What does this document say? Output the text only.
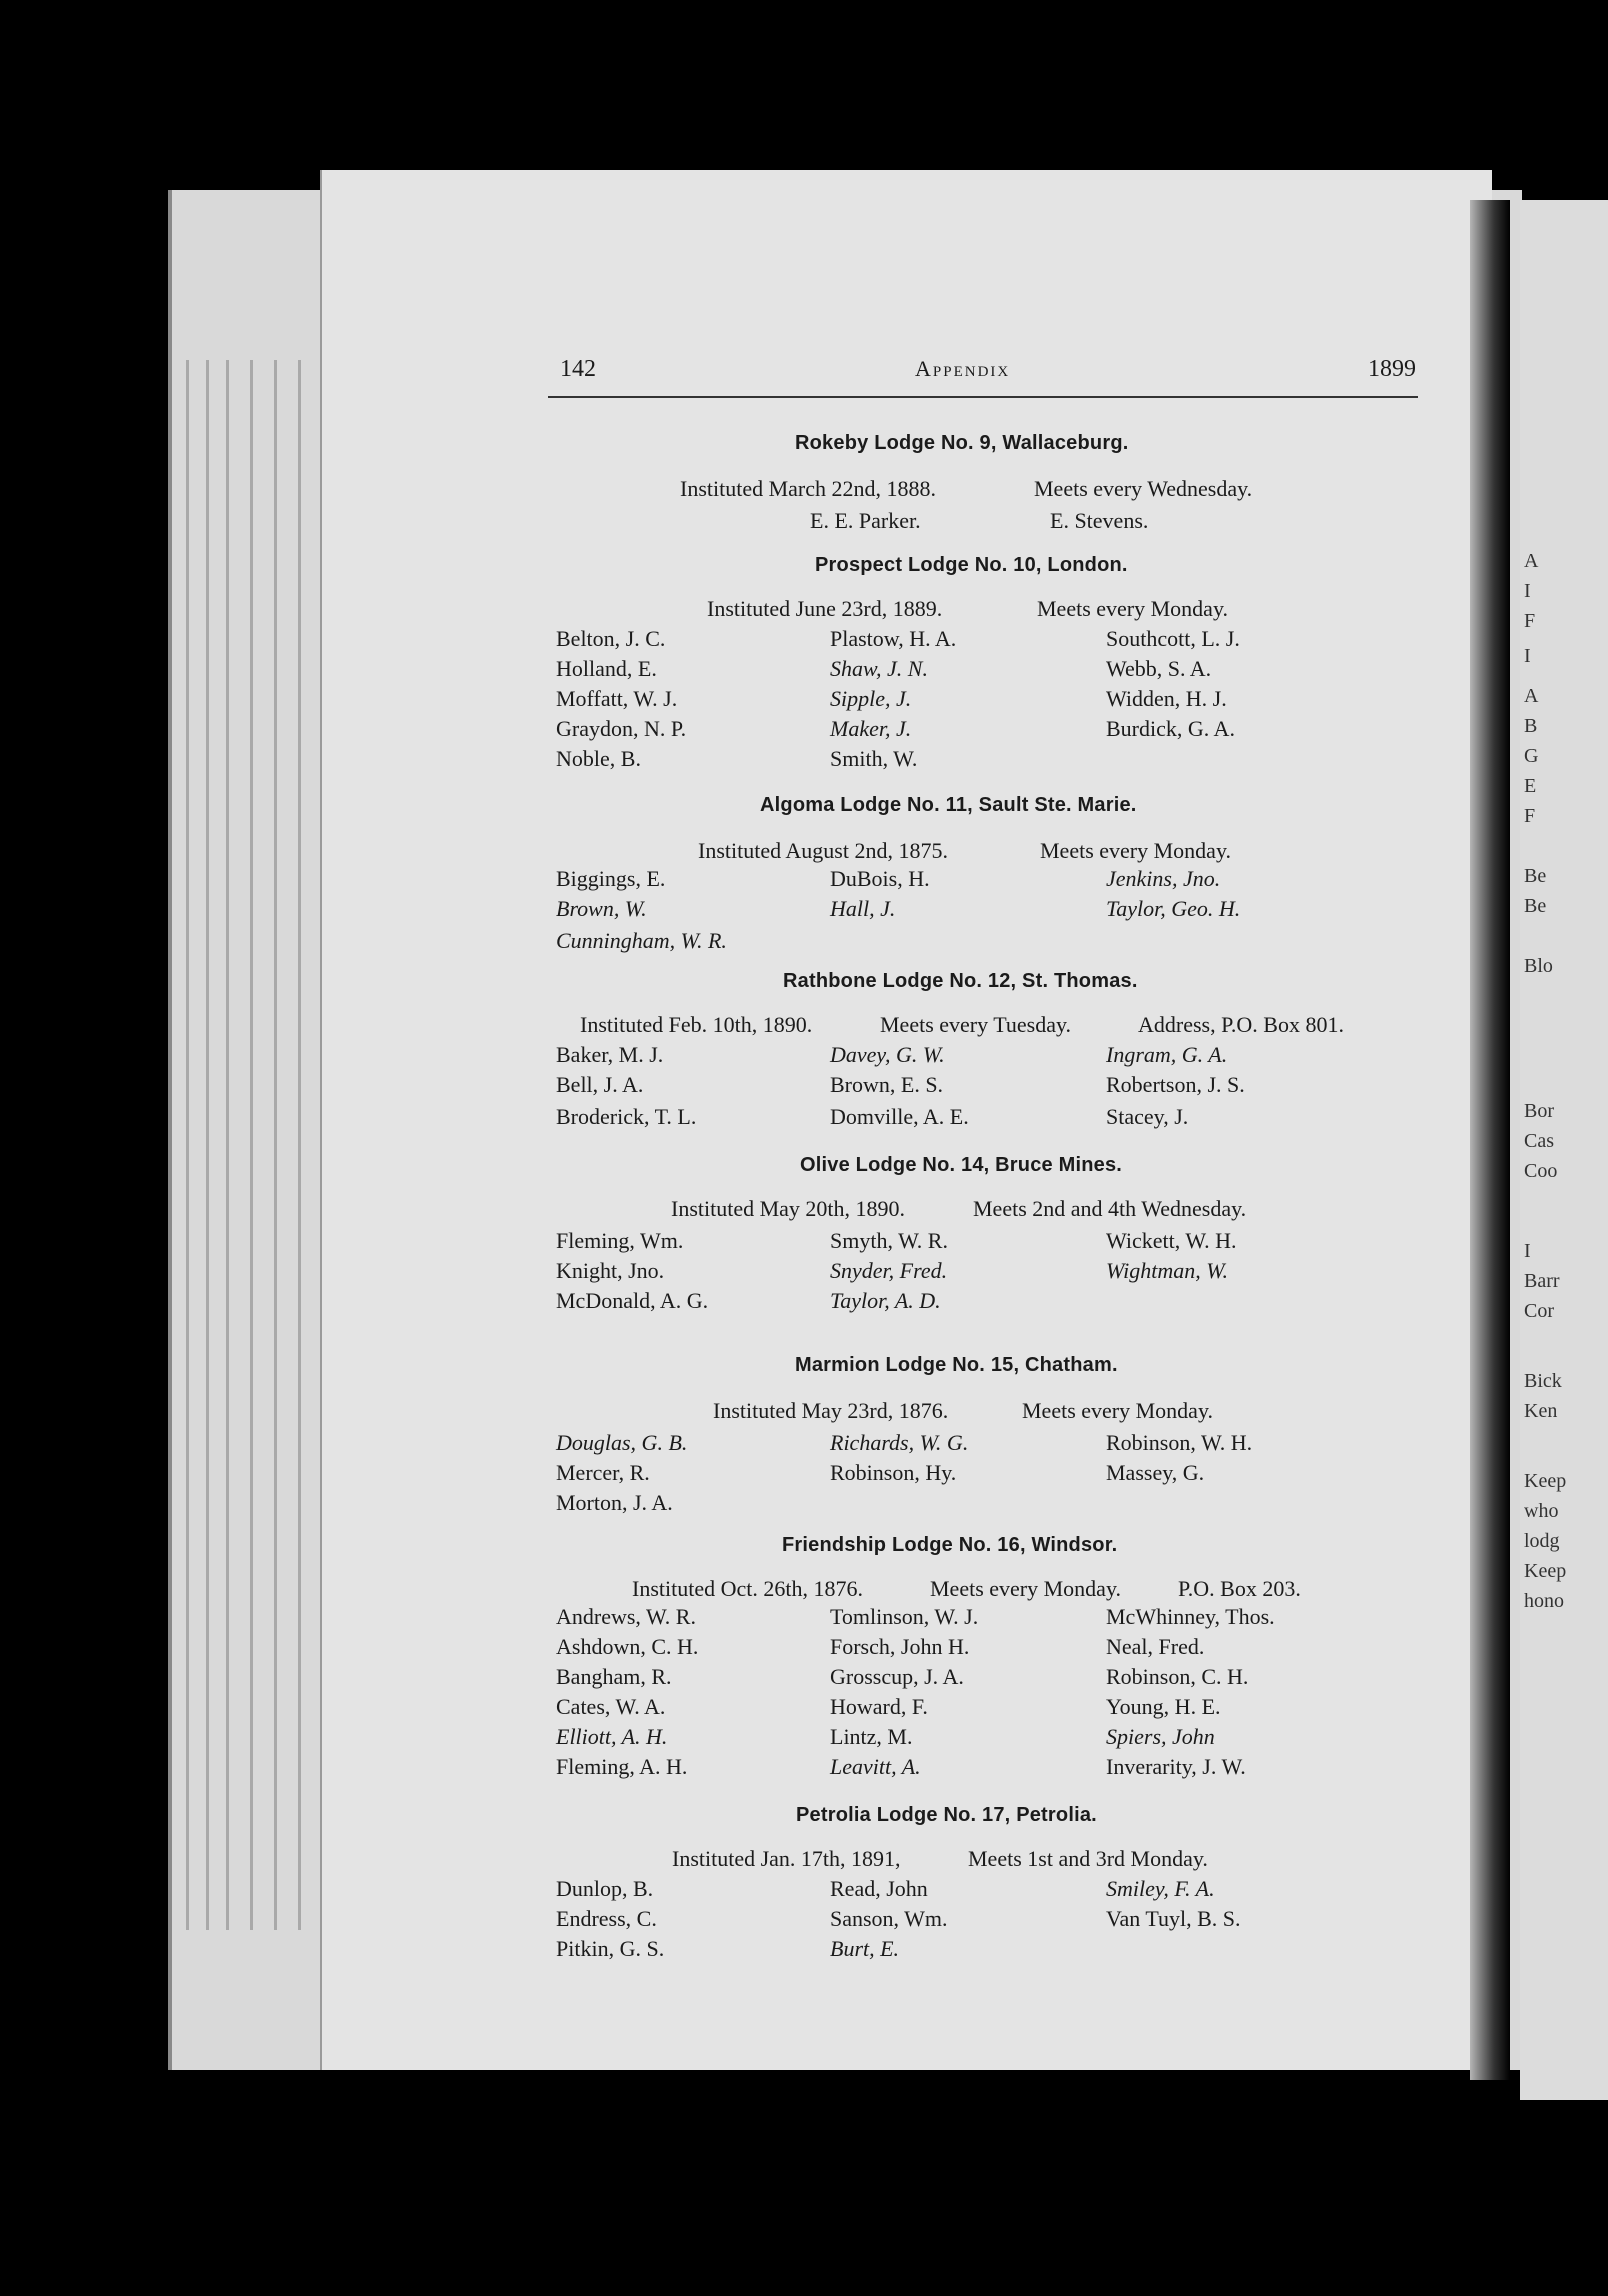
A
I
F
I
A
B
G
E
F
Be
Be
Blo
Bor
Cas
Coo
I
Barr
Cor
Bick
Ken
Keep
who
lodg
Keep
hono
142	Appendix	1899
Rokeby Lodge No. 9, Wallaceburg.
Instituted March 22nd, 1888.	Meets every Wednesday.
E. E. Parker.	E. Stevens.
Prospect Lodge No. 10, London.
Instituted June 23rd, 1889.	Meets every Monday.
Belton, J. C.	Plastow, H. A.	Southcott, L. J.
Holland, E.	Shaw, J. N.	Webb, S. A.
Moffatt, W. J.	Sipple, J.	Widden, H. J.
Graydon, N. P.	Maker, J.	Burdick, G. A.
Noble, B.	Smith, W.
Algoma Lodge No. 11, Sault Ste. Marie.
Instituted August 2nd, 1875.	Meets every Monday.
Biggings, E.	DuBois, H.	Jenkins, Jno.
Brown, W.	Hall, J.	Taylor, Geo. H.
Cunningham, W. R.
Rathbone Lodge No. 12, St. Thomas.
Instituted Feb. 10th, 1890.	Meets every Tuesday.	Address, P.O. Box 801.
Baker, M. J.	Davey, G. W.	Ingram, G. A.
Bell, J. A.	Brown, E. S.	Robertson, J. S.
Broderick, T. L.	Domville, A. E.	Stacey, J.
Olive Lodge No. 14, Bruce Mines.
Instituted May 20th, 1890.	Meets 2nd and 4th Wednesday.
Fleming, Wm.	Smyth, W. R.	Wickett, W. H.
Knight, Jno.	Snyder, Fred.	Wightman, W.
McDonald, A. G.	Taylor, A. D.
Marmion Lodge No. 15, Chatham.
Instituted May 23rd, 1876.	Meets every Monday.
Douglas, G. B.	Richards, W. G.	Robinson, W. H.
Mercer, R.	Robinson, Hy.	Massey, G.
Morton, J. A.
Friendship Lodge No. 16, Windsor.
Instituted Oct. 26th, 1876.	Meets every Monday.	P.O. Box 203.
Andrews, W. R.	Tomlinson, W. J.	McWhinney, Thos.
Ashdown, C. H.	Forsch, John H.	Neal, Fred.
Bangham, R.	Grosscup, J. A.	Robinson, C. H.
Cates, W. A.	Howard, F.	Young, H. E.
Elliott, A. H.	Lintz, M.	Spiers, John
Fleming, A. H.	Leavitt, A.	Inverarity, J. W.
Petrolia Lodge No. 17, Petrolia.
Instituted Jan. 17th, 1891,	Meets 1st and 3rd Monday.
Dunlop, B.	Read, John	Smiley, F. A.
Endress, C.	Sanson, Wm.	Van Tuyl, B. S.
Pitkin, G. S.	Burt, E.
